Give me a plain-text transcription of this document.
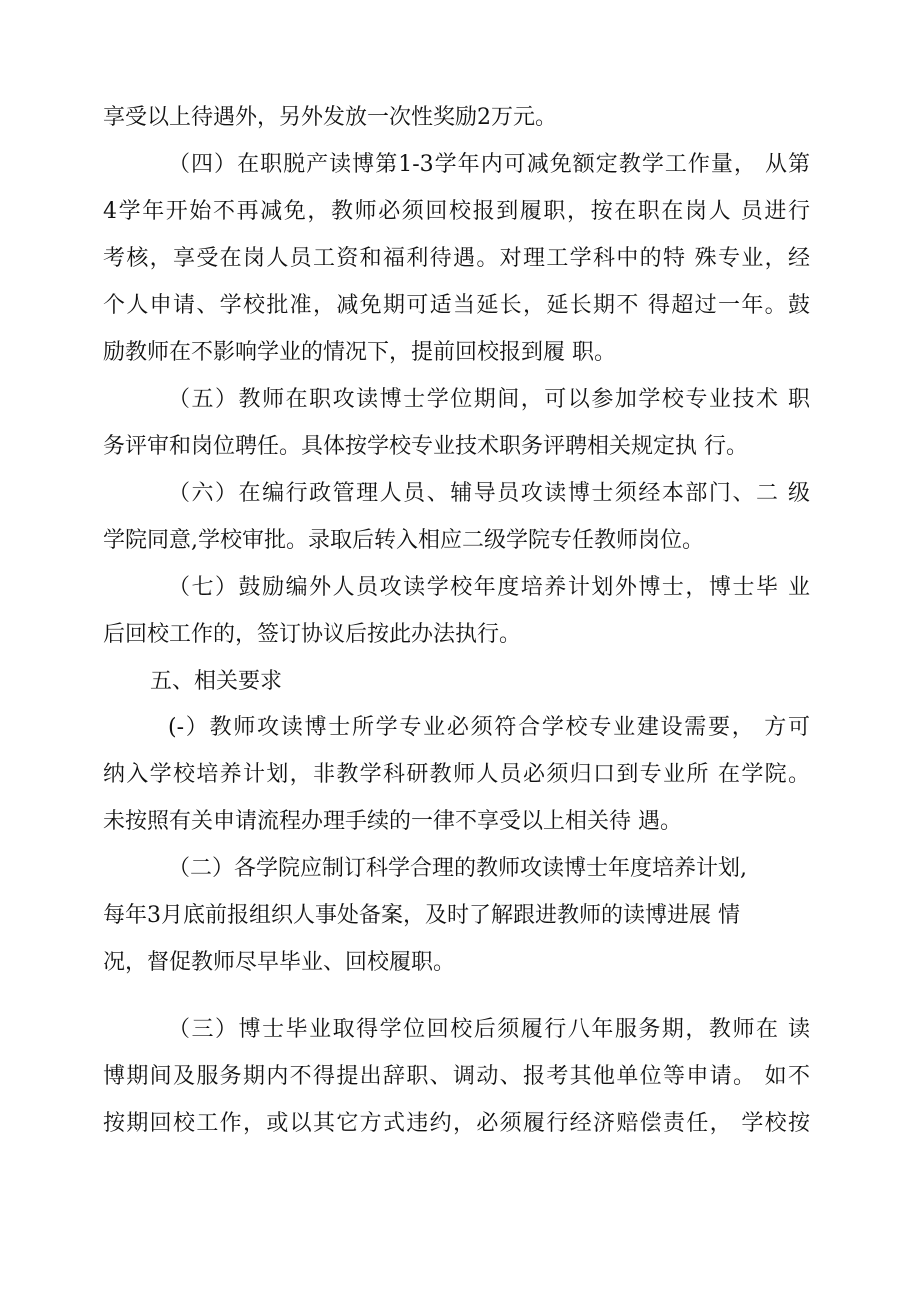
享受以上待遇外，另外发放一次性奖励2万元。
（四）在职脱产读博第1-3学年内可减免额定教学工作量， 从第
4学年开始不再减免，教师必须回校报到履职，按在职在岗人 员进行
考核，享受在岗人员工资和福利待遇。对理工学科中的特 殊专业，经
个人申请、学校批准，减免期可适当延长，延长期不 得超过一年。鼓
励教师在不影响学业的情况下，提前回校报到履 职。
（五）教师在职攻读博士学位期间，可以参加学校专业技术 职
务评审和岗位聘任。具体按学校专业技术职务评聘相关规定执 行。
（六）在编行政管理人员、辅导员攻读博士须经本部门、二 级
学院同意,学校审批。录取后转入相应二级学院专任教师岗位。
（七）鼓励编外人员攻读学校年度培养计划外博士，博士毕 业
后回校工作的，签订协议后按此办法执行。
五、相关要求
(-）教师攻读博士所学专业必须符合学校专业建设需要， 方可
纳入学校培养计划，非教学科研教师人员必须归口到专业所 在学院。
未按照有关申请流程办理手续的一律不享受以上相关待 遇。
（二）各学院应制订科学合理的教师攻读博士年度培养计划,
每年3月底前报组织人事处备案，及时了解跟进教师的读博进展 情
况，督促教师尽早毕业、回校履职。
（三）博士毕业取得学位回校后须履行八年服务期，教师在 读
博期间及服务期内不得提出辞职、调动、报考其他单位等申请。 如不
按期回校工作，或以其它方式违约，必须履行经济赔偿责任， 学校按
